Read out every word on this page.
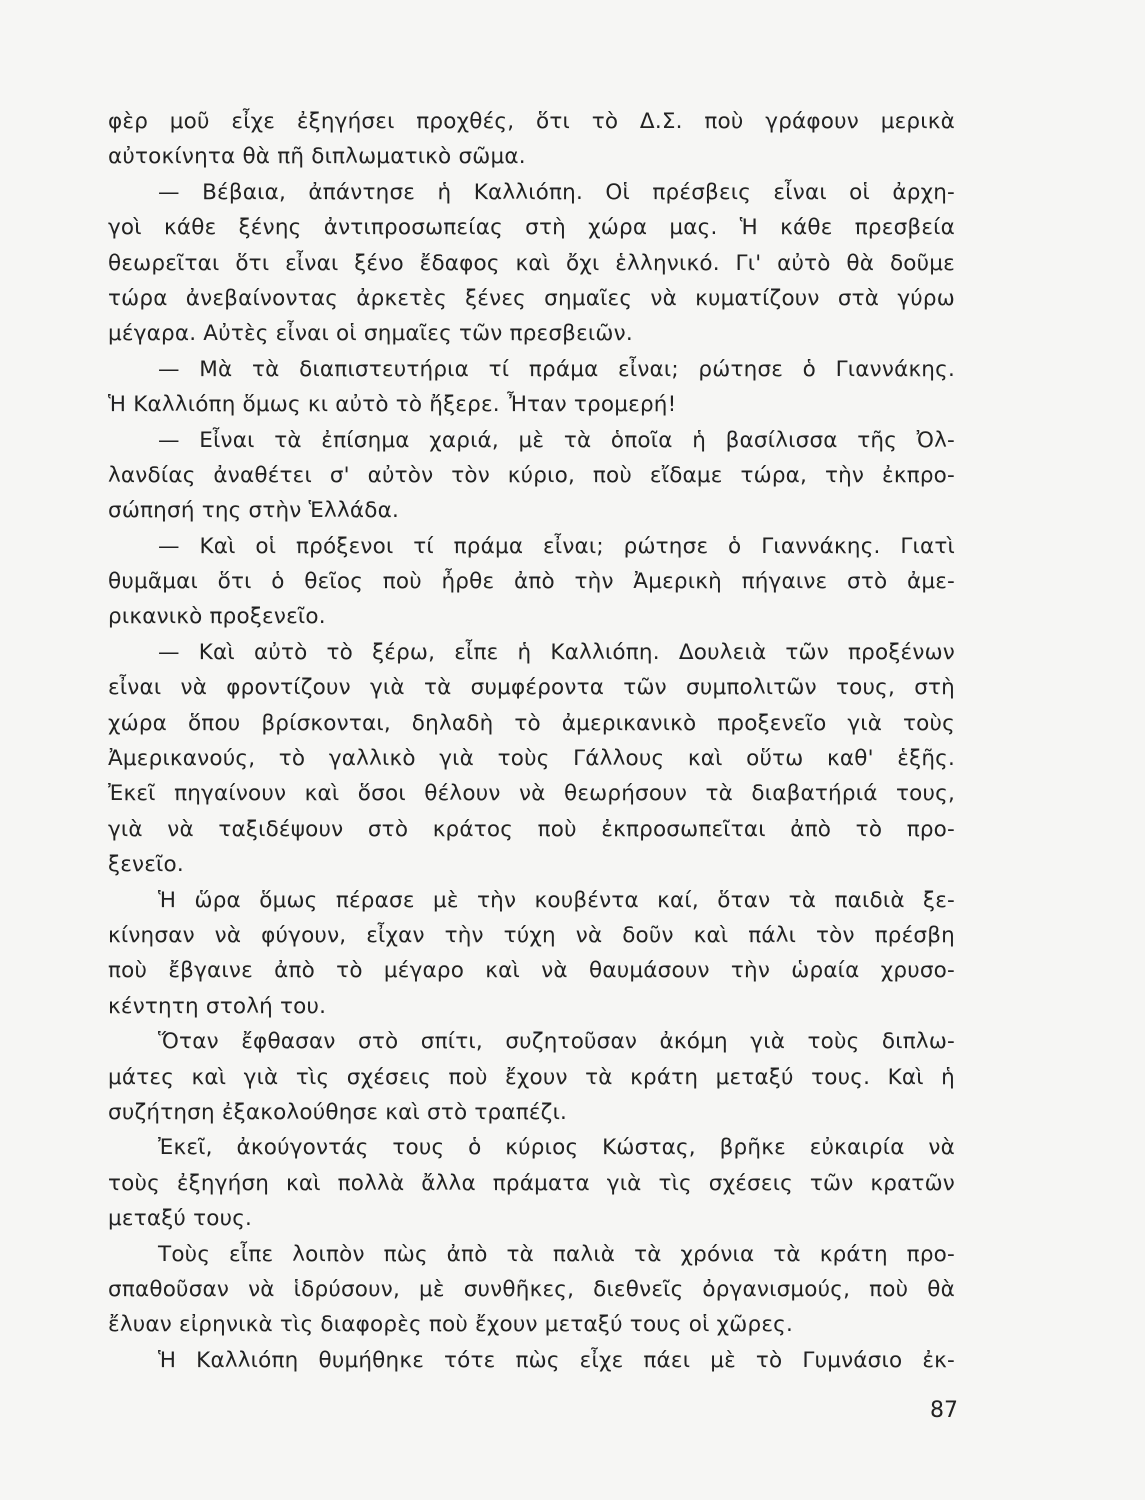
φὲρ μοῦ εἶχε ἐξηγήσει προχθές, ὅτι τὸ Δ.Σ. ποὺ γράφουν μερικὰ
αὐτοκίνητα θὰ πῆ διπλωματικὸ σῶμα.
— Βέβαια, ἀπάντησε ἡ Καλλιόπη. Οἱ πρέσβεις εἶναι οἱ ἀρχη-
γοὶ κάθε ξένης ἀντιπροσωπείας στὴ χώρα μας. Ἡ κάθε πρεσβεία
θεωρεῖται ὅτι εἶναι ξένο ἔδαφος καὶ ὄχι ἑλληνικό. Γι' αὐτὸ θὰ δοῦμε
τώρα ἀνεβαίνοντας ἀρκετὲς ξένες σημαῖες νὰ κυματίζουν στὰ γύρω
μέγαρα. Αὐτὲς εἶναι οἱ σημαῖες τῶν πρεσβειῶν.
— Μὰ τὰ διαπιστευτήρια τί πράμα εἶναι; ρώτησε ὁ Γιαννάκης.
Ἡ Καλλιόπη ὅμως κι αὐτὸ τὸ ἤξερε. Ἦταν τρομερή!
— Εἶναι τὰ ἐπίσημα χαριά, μὲ τὰ ὁποῖα ἡ βασίλισσα τῆς Ὀλ-
λανδίας ἀναθέτει σ' αὐτὸν τὸν κύριο, ποὺ εἴδαμε τώρα, τὴν ἐκπρο-
σώπησή της στὴν Ἑλλάδα.
— Καὶ οἱ πρόξενοι τί πράμα εἶναι; ρώτησε ὁ Γιαννάκης. Γιατὶ
θυμᾶμαι ὅτι ὁ θεῖος ποὺ ἦρθε ἀπὸ τὴν Ἀμερικὴ πήγαινε στὸ ἀμε-
ρικανικὸ προξενεῖο.
— Καὶ αὐτὸ τὸ ξέρω, εἶπε ἡ Καλλιόπη. Δουλειὰ τῶν προξένων
εἶναι νὰ φροντίζουν γιὰ τὰ συμφέροντα τῶν συμπολιτῶν τους, στὴ
χώρα ὅπου βρίσκονται, δηλαδὴ τὸ ἀμερικανικὸ προξενεῖο γιὰ τοὺς
Ἀμερικανούς, τὸ γαλλικὸ γιὰ τοὺς Γάλλους καὶ οὕτω καθ' ἑξῆς.
Ἐκεῖ πηγαίνουν καὶ ὅσοι θέλουν νὰ θεωρήσουν τὰ διαβατήριά τους,
γιὰ νὰ ταξιδέψουν στὸ κράτος ποὺ ἐκπροσωπεῖται ἀπὸ τὸ προ-
ξενεῖο.
Ἡ ὥρα ὅμως πέρασε μὲ τὴν κουβέντα καί, ὅταν τὰ παιδιὰ ξε-
κίνησαν νὰ φύγουν, εἶχαν τὴν τύχη νὰ δοῦν καὶ πάλι τὸν πρέσβη
ποὺ ἔβγαινε ἀπὸ τὸ μέγαρο καὶ νὰ θαυμάσουν τὴν ὡραία χρυσο-
κέντητη στολή του.
Ὅταν ἔφθασαν στὸ σπίτι, συζητοῦσαν ἀκόμη γιὰ τοὺς διπλω-
μάτες καὶ γιὰ τὶς σχέσεις ποὺ ἔχουν τὰ κράτη μεταξύ τους. Καὶ ἡ
συζήτηση ἐξακολούθησε καὶ στὸ τραπέζι.
Ἐκεῖ, ἀκούγοντάς τους ὁ κύριος Κώστας, βρῆκε εὐκαιρία νὰ
τοὺς ἐξηγήση καὶ πολλὰ ἄλλα πράματα γιὰ τὶς σχέσεις τῶν κρατῶν
μεταξύ τους.
Τοὺς εἶπε λοιπὸν πὼς ἀπὸ τὰ παλιὰ τὰ χρόνια τὰ κράτη προ-
σπαθοῦσαν νὰ ἱδρύσουν, μὲ συνθῆκες, διεθνεῖς ὀργανισμούς, ποὺ θὰ
ἔλυαν εἰρηνικὰ τὶς διαφορὲς ποὺ ἔχουν μεταξύ τους οἱ χῶρες.
Ἡ Καλλιόπη θυμήθηκε τότε πὼς εἶχε πάει μὲ τὸ Γυμνάσιο ἐκ-
87
